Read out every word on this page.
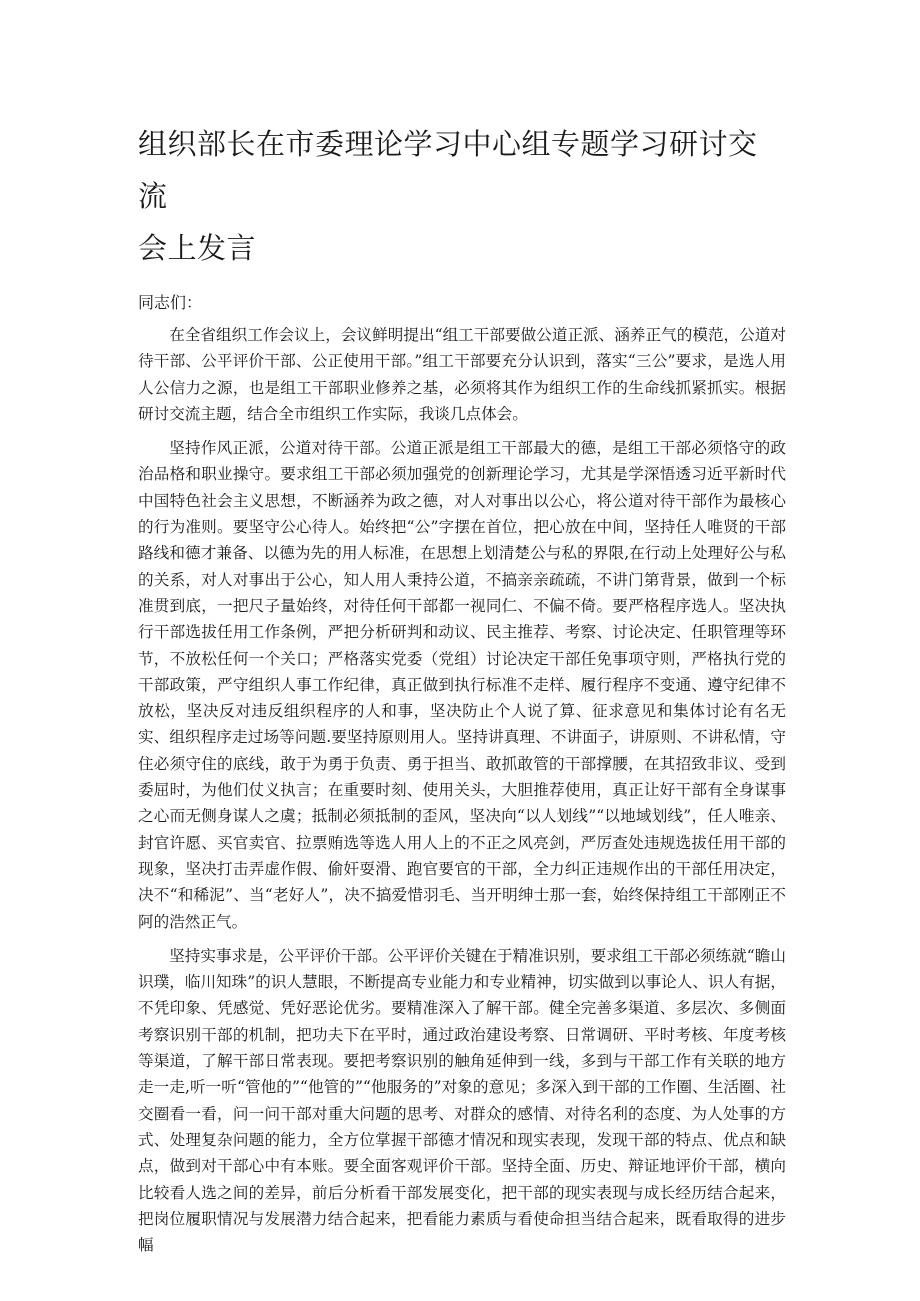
组织部长在市委理论学习中心组专题学习研讨交流
会上发言
同志们：

在全省组织工作会议上，会议鲜明提出“组工干部要做公道正派、涵养正气的模范，公道对待干部、公平评价干部、公正使用干部。”组工干部要充分认识到，落实“三公”要求，是选人用人公信力之源，也是组工干部职业修养之基，必须将其作为组织工作的生命线抓紧抓实。根据研讨交流主题，结合全市组织工作实际，我谈几点体会。

坚持作风正派，公道对待干部。公道正派是组工干部最大的德，是组工干部必须恪守的政治品格和职业操守。要求组工干部必须加强党的创新理论学习，尤其是学深悟透习近平新时代中国特色社会主义思想，不断涵养为政之德，对人对事出以公心，将公道对待干部作为最核心的行为准则。要坚守公心待人。始终把“公”字摆在首位，把心放在中间，坚持任人唯贤的干部路线和德才兼备、以德为先的用人标准，在思想上划清楚公与私的界限,在行动上处理好公与私的关系，对人对事出于公心，知人用人秉持公道，不搞亲亲疏疏，不讲门第背景，做到一个标准贯到底，一把尺子量始终，对待任何干部都一视同仁、不偏不倚。要严格程序选人。坚决执行干部选拔任用工作条例，严把分析研判和动议、民主推荐、考察、讨论决定、任职管理等环节，不放松任何一个关口；严格落实党委（党组）讨论决定干部任免事项守则，严格执行党的干部政策，严守组织人事工作纪律，真正做到执行标准不走样、履行程序不变通、遵守纪律不放松，坚决反对违反组织程序的人和事，坚决防止个人说了算、征求意见和集体讨论有名无实、组织程序走过场等问题.要坚持原则用人。坚持讲真理、不讲面子，讲原则、不讲私情，守住必须守住的底线，敢于为勇于负责、勇于担当、敢抓敢管的干部撑腰，在其招致非议、受到委屈时，为他们仗义执言；在重要时刻、使用关头，大胆推荐使用，真正让好干部有全身谋事之心而无侧身谋人之虞；抵制必须抵制的歪风，坚决向“以人划线”“以地域划线”，任人唯亲、封官许愿、买官卖官、拉票贿选等选人用人上的不正之风亮剑，严厉查处违规选拔任用干部的现象，坚决打击弄虚作假、偷奸耍滑、跑官要官的干部，全力纠正违规作出的干部任用决定，决不“和稀泥”、当“老好人”，决不搞爱惜羽毛、当开明绅士那一套，始终保持组工干部刚正不阿的浩然正气。

坚持实事求是，公平评价干部。公平评价关键在于精准识别，要求组工干部必须练就“瞻山识璞，临川知珠”的识人慧眼，不断提高专业能力和专业精神，切实做到以事论人、识人有据，不凭印象、凭感觉、凭好恶论优劣。要精准深入了解干部。健全完善多渠道、多层次、多侧面考察识别干部的机制，把功夫下在平时，通过政治建设考察、日常调研、平时考核、年度考核等渠道，了解干部日常表现。要把考察识别的触角延伸到一线，多到与干部工作有关联的地方走一走,听一听“管他的”“他管的”“他服务的”对象的意见；多深入到干部的工作圈、生活圈、社交圈看一看，问一问干部对重大问题的思考、对群众的感情、对待名利的态度、为人处事的方式、处理复杂问题的能力，全方位掌握干部德才情况和现实表现，发现干部的特点、优点和缺点，做到对干部心中有本账。要全面客观评价干部。坚持全面、历史、辩证地评价干部，横向比较看人选之间的差异，前后分析看干部发展变化，把干部的现实表现与成长经历结合起来，把岗位履职情况与发展潜力结合起来，把看能力素质与看使命担当结合起来，既看取得的进步幅
